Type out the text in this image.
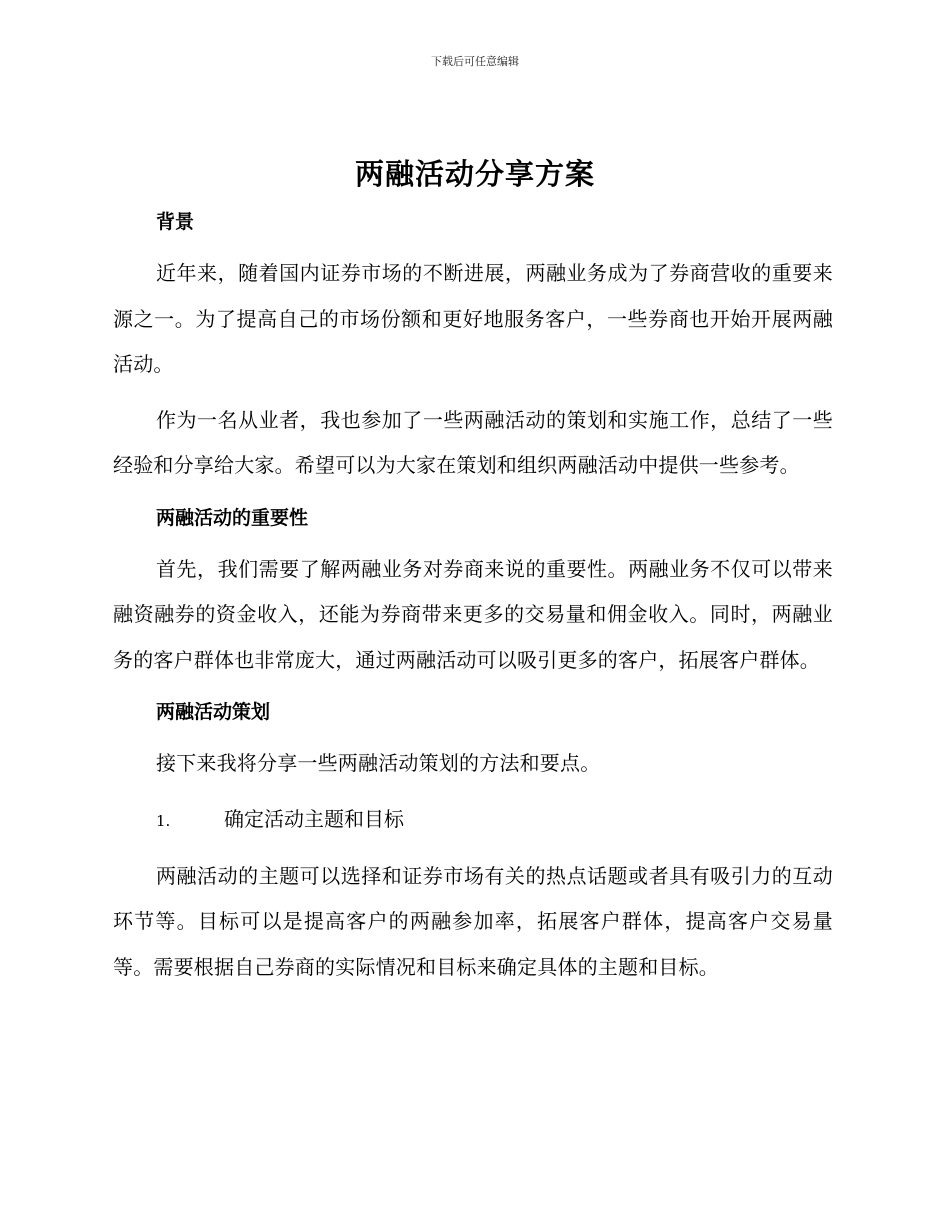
下载后可任意编辑
两融活动分享方案
背景

近年来，随着国内证券市场的不断进展，两融业务成为了券商营收的重要来源之一。为了提高自己的市场份额和更好地服务客户，一些券商也开始开展两融活动。

作为一名从业者，我也参加了一些两融活动的策划和实施工作，总结了一些经验和分享给大家。希望可以为大家在策划和组织两融活动中提供一些参考。

两融活动的重要性

首先，我们需要了解两融业务对券商来说的重要性。两融业务不仅可以带来融资融券的资金收入，还能为券商带来更多的交易量和佣金收入。同时，两融业务的客户群体也非常庞大，通过两融活动可以吸引更多的客户，拓展客户群体。

两融活动策划

接下来我将分享一些两融活动策划的方法和要点。

1.	确定活动主题和目标

两融活动的主题可以选择和证券市场有关的热点话题或者具有吸引力的互动环节等。目标可以是提高客户的两融参加率，拓展客户群体，提高客户交易量等。需要根据自己券商的实际情况和目标来确定具体的主题和目标。
